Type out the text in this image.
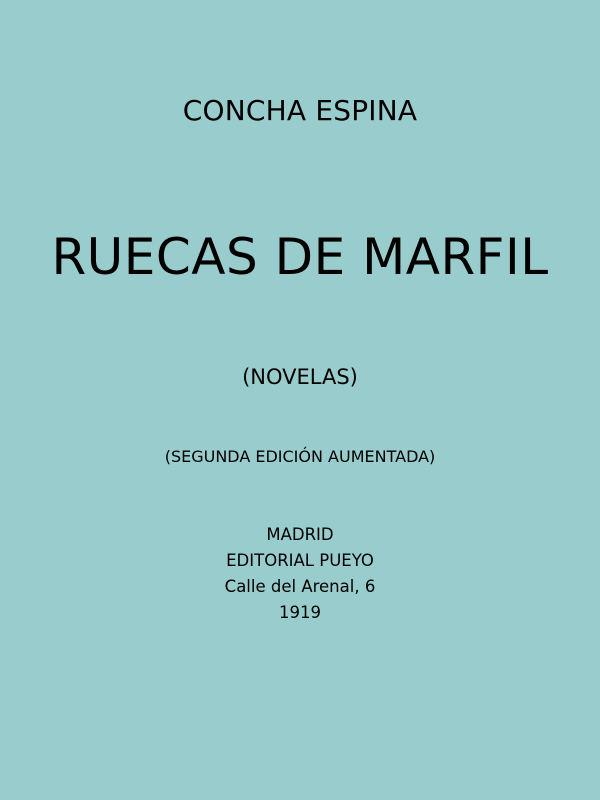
CONCHA ESPINA
RUECAS DE MARFIL
(NOVELAS)
(SEGUNDA EDICIÓN AUMENTADA)
MADRID
EDITORIAL PUEYO
Calle del Arenal, 6
1919
